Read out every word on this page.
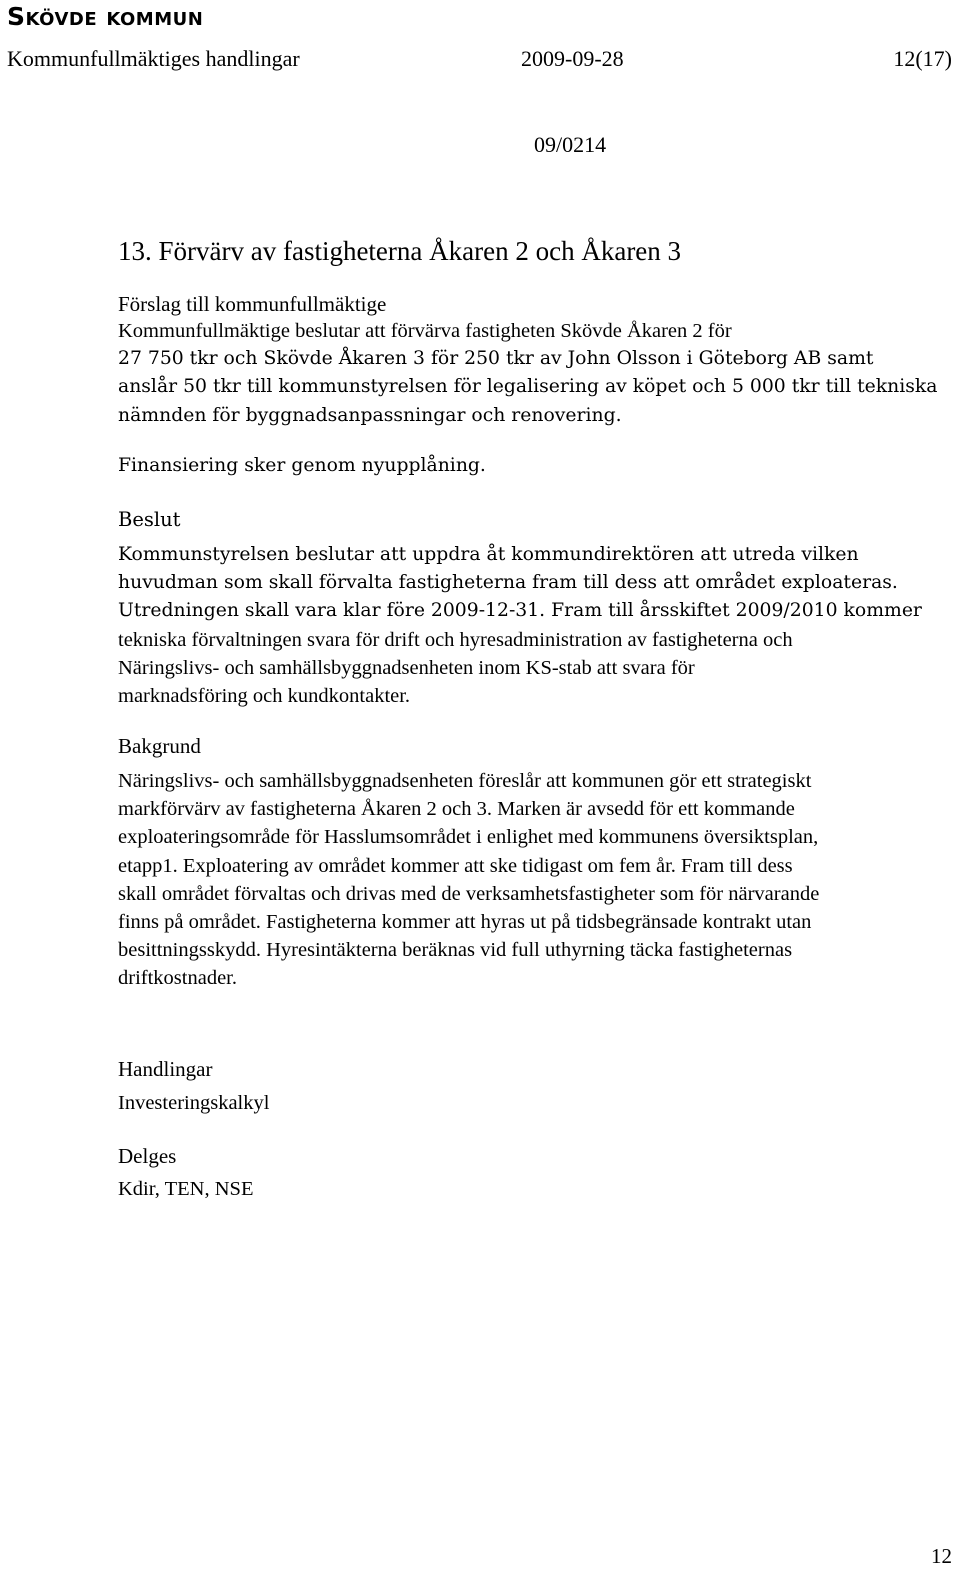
Skövde kommun
Kommunfullmäktiges handlingar	2009-09-28	12(17)
09/0214
13. Förvärv av fastigheterna Åkaren 2 och Åkaren 3
Förslag till kommunfullmäktige
Kommunfullmäktige beslutar att förvärva fastigheten Skövde Åkaren 2 för
27 750 tkr och Skövde Åkaren 3 för 250 tkr av John Olsson i Göteborg AB samt
anslår 50 tkr till kommunstyrelsen för legalisering av köpet och 5 000 tkr till tekniska
nämnden för byggnadsanpassningar och renovering.
Finansiering sker genom nyupplåning.
Beslut
Kommunstyrelsen beslutar att uppdra åt kommundirektören att utreda vilken
huvudman som skall förvalta fastigheterna fram till dess att området exploateras.
Utredningen skall vara klar före 2009-12-31. Fram till årsskiftet 2009/2010 kommer
tekniska förvaltningen svara för drift och hyresadministration av fastigheterna och
Näringslivs- och samhällsbyggnadsenheten inom KS-stab att svara för
marknadsföring och kundkontakter.
Bakgrund
Näringslivs- och samhällsbyggnadsenheten föreslår att kommunen gör ett strategiskt
markförvärv av fastigheterna Åkaren 2 och 3. Marken är avsedd för ett kommande
exploateringsområde för Hasslumsområdet i enlighet med kommunens översiktsplan,
etapp1. Exploatering av området kommer att ske tidigast om fem år. Fram till dess
skall området förvaltas och drivas med de verksamhetsfastigheter som för närvarande
finns på området. Fastigheterna kommer att hyras ut på tidsbegränsade kontrakt utan
besittningsskydd. Hyresintäkterna beräknas vid full uthyrning täcka fastigheternas
driftkostnader.
Handlingar
Investeringskalkyl
Delges
Kdir, TEN, NSE
12
